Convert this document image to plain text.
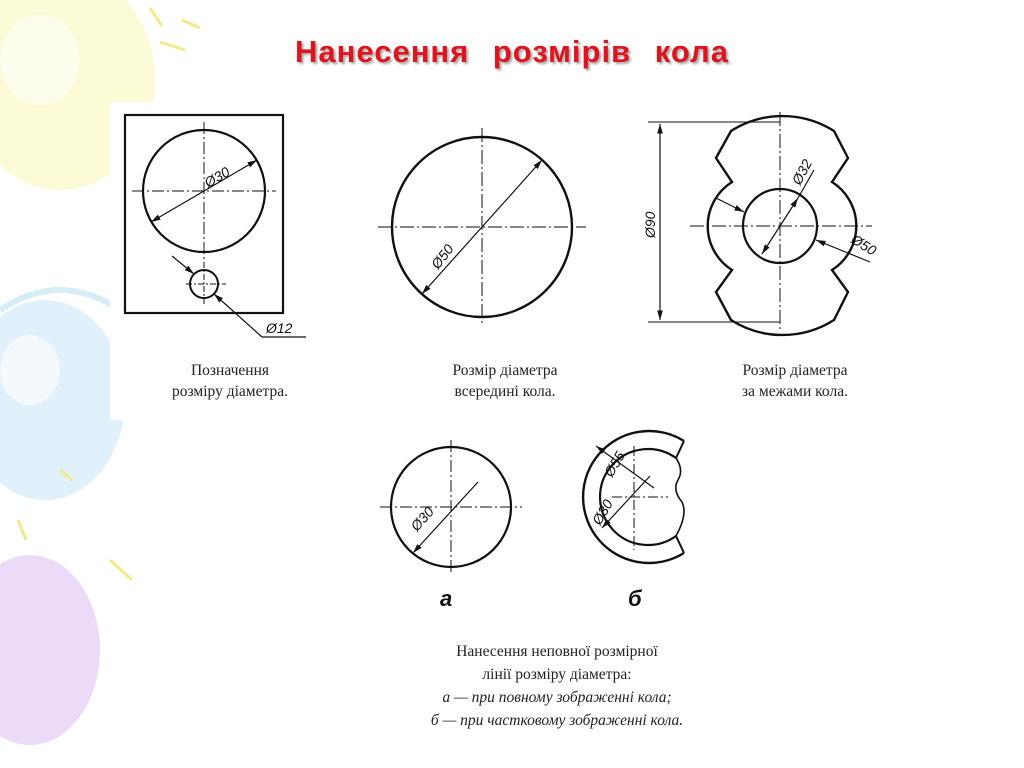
Нанесення розмірів кола
Ø30
Ø12
Ø50
Ø90
Ø32
Ø50
Ø30
а
Ø55
Ø30
б
Позначення
розміру діаметра.
Розмір діаметра
всередині кола.
Розмір діаметра
за межами кола.
Нанесення неповної розмірної
лінії розміру діаметра:
а — при повному зображенні кола;
б — при частковому зображенні кола.
